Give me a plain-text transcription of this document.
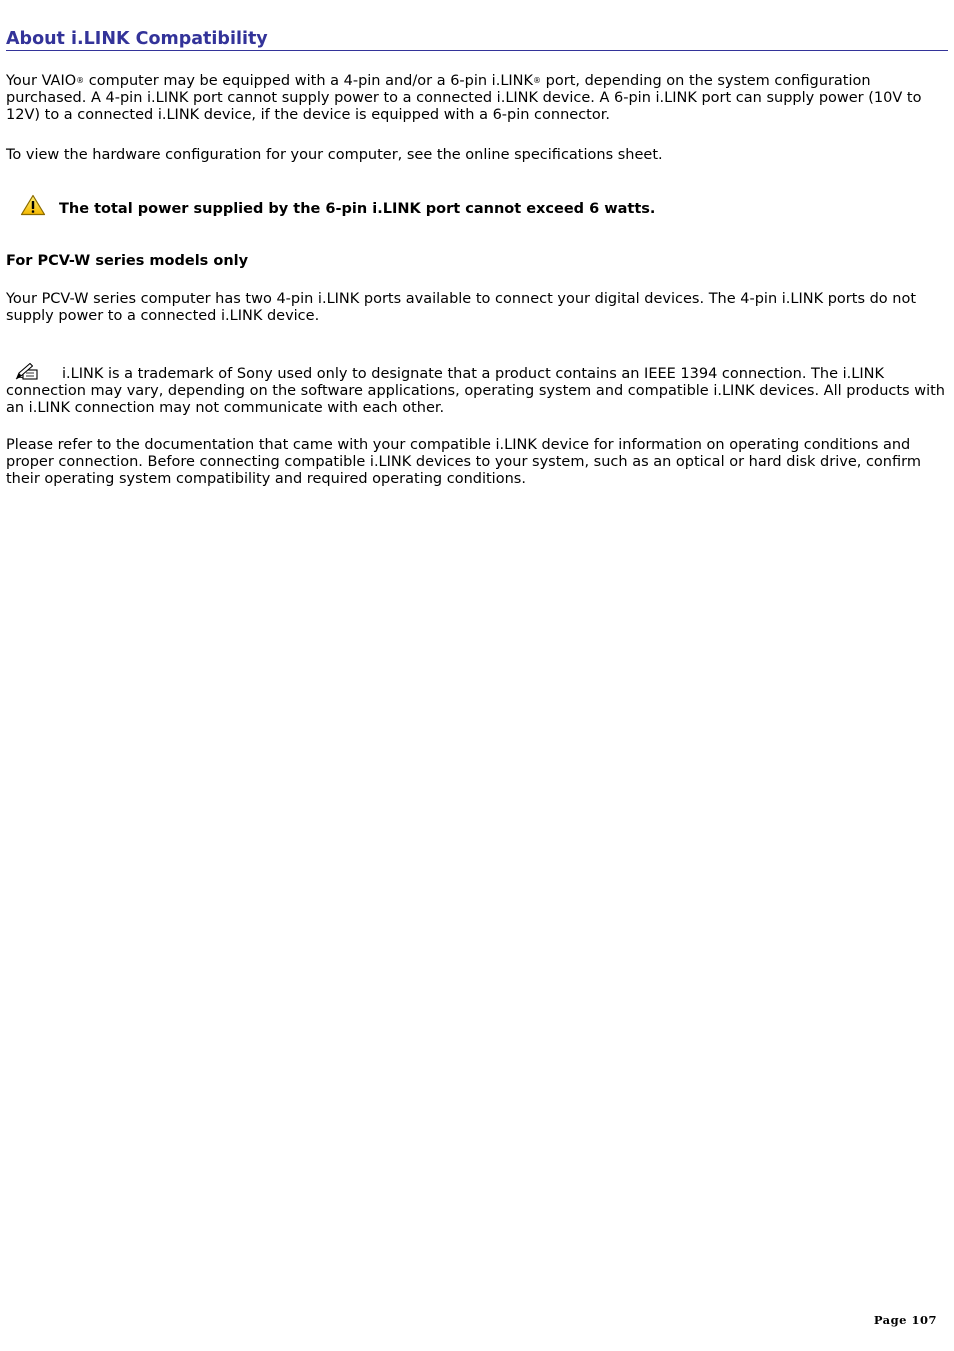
About i.LINK Compatibility

Your VAIO® computer may be equipped with a 4-pin and/or a 6-pin i.LINK® port, depending on the system configuration purchased. A 4-pin i.LINK port cannot supply power to a connected i.LINK device. A 6-pin i.LINK port can supply power (10V to 12V) to a connected i.LINK device, if the device is equipped with a 6-pin connector.

To view the hardware configuration for your computer, see the online specifications sheet.

The total power supplied by the 6-pin i.LINK port cannot exceed 6 watts.
For PCV-W series models only

Your PCV-W series computer has two 4-pin i.LINK ports available to connect your digital devices. The 4-pin i.LINK ports do not supply power to a connected i.LINK device.

i.LINK is a trademark of Sony used only to designate that a product contains an IEEE 1394 connection. The i.LINK connection may vary, depending on the software applications, operating system and compatible i.LINK devices. All products with an i.LINK connection may not communicate with each other.

Please refer to the documentation that came with your compatible i.LINK device for information on operating conditions and proper connection. Before connecting compatible i.LINK devices to your system, such as an optical or hard disk drive, confirm their operating system compatibility and required operating conditions.

Page 107
